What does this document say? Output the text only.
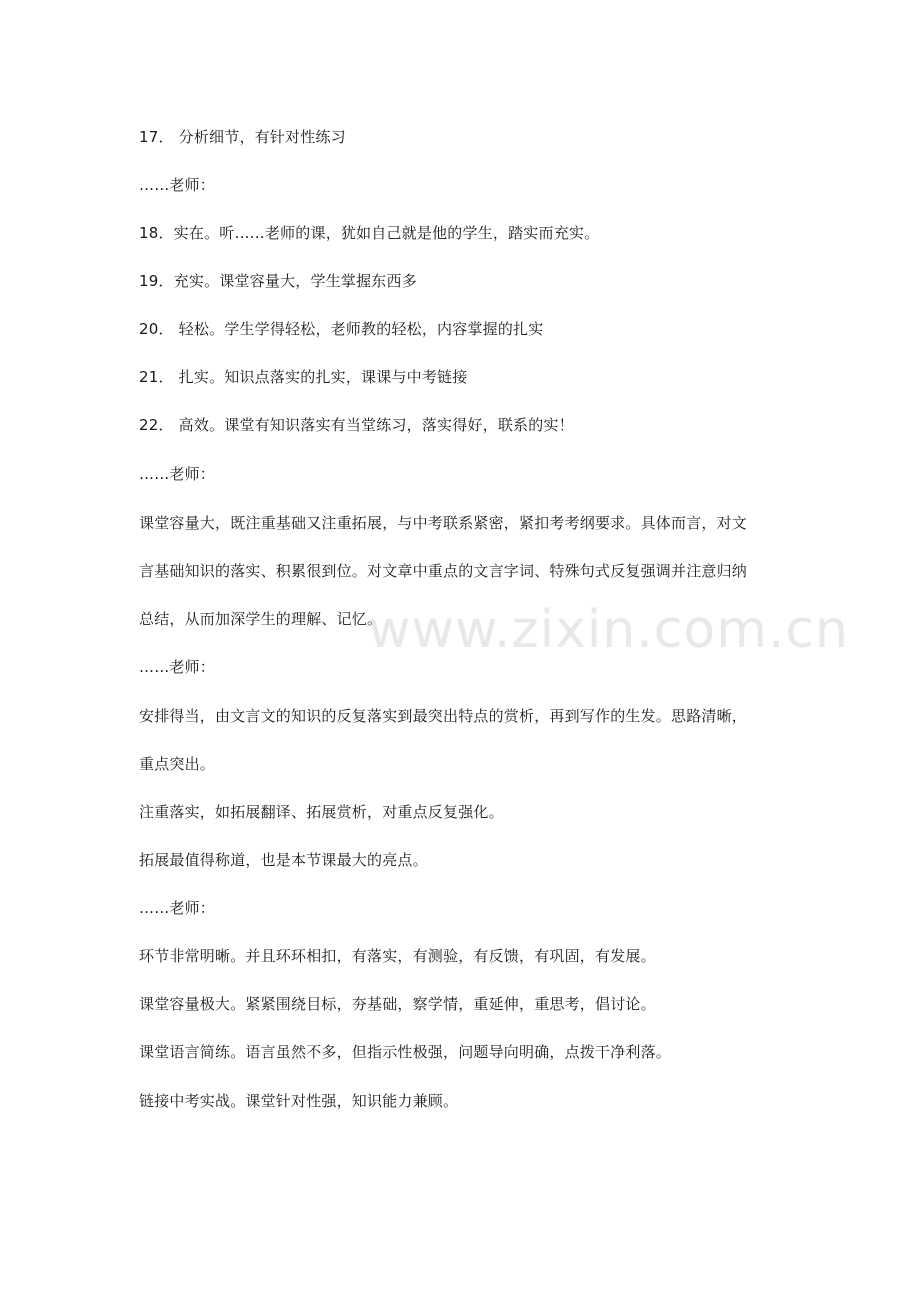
www.zixin.com.cn
17． 分析细节，有针对性练习
……老师：
18．实在。听……老师的课，犹如自己就是他的学生，踏实而充实。
19．充实。课堂容量大，学生掌握东西多
20． 轻松。学生学得轻松，老师教的轻松，内容掌握的扎实
21． 扎实。知识点落实的扎实，课课与中考链接
22． 高效。课堂有知识落实有当堂练习，落实得好，联系的实！
……老师：
课堂容量大，既注重基础又注重拓展，与中考联系紧密，紧扣考考纲要求。具体而言，对文
言基础知识的落实、积累很到位。对文章中重点的文言字词、特殊句式反复强调并注意归纳
总结，从而加深学生的理解、记忆。
……老师：
安排得当，由文言文的知识的反复落实到最突出特点的赏析，再到写作的生发。思路清晰，
重点突出。
注重落实，如拓展翻译、拓展赏析，对重点反复强化。
拓展最值得称道，也是本节课最大的亮点。
……老师：
环节非常明晰。并且环环相扣，有落实，有测验，有反馈，有巩固，有发展。
课堂容量极大。紧紧围绕目标，夯基础，察学情，重延伸，重思考，倡讨论。
课堂语言简练。语言虽然不多，但指示性极强，问题导向明确，点拨干净利落。
链接中考实战。课堂针对性强，知识能力兼顾。
